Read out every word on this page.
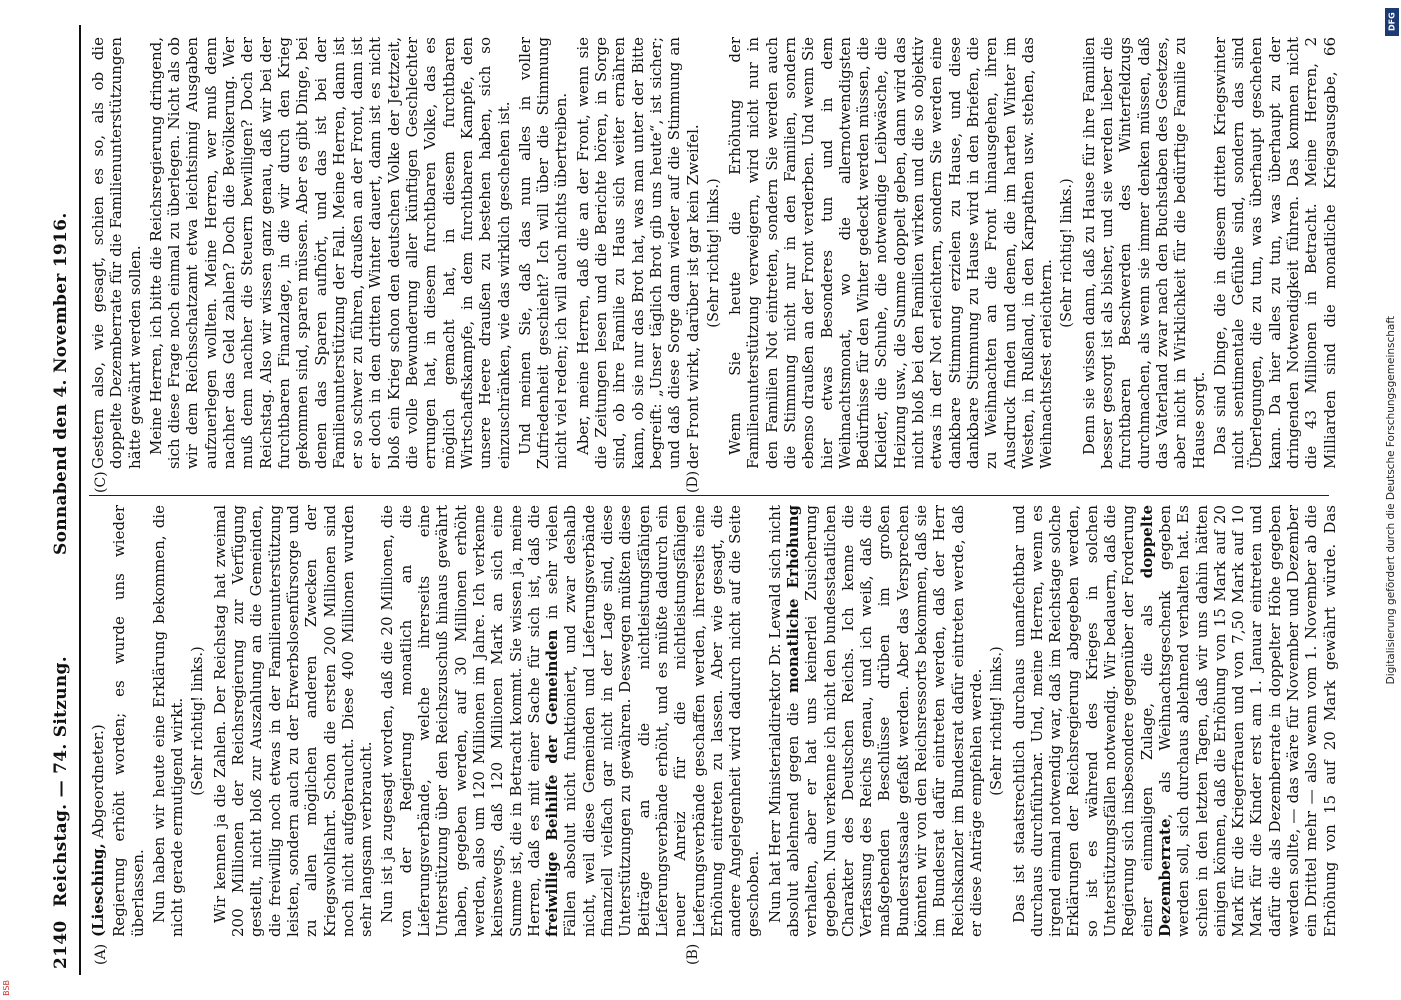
Digitalisierung gefördert durch die Deutsche Forschungsgemeinschaft
DFG
BSB
2140
Reichstag. — 74. Sitzung.
Sonnabend den 4. November 1916.
(A)	(B)
(C)	(D)

(Liesching, Abgeordneter.) Regierung erhöht worden; es wurde uns wieder überlassen. Nun haben wir heute eine Erklärung bekommen, die nicht gerade ermutigend wirkt. (Sehr richtig! links.) Wir kennen ja die Zahlen. Der Reichstag hat zweimal 200 Millionen der Reichsregierung zur Verfügung gestellt, nicht bloß zur Auszahlung an die Gemeinden, die freiwillig noch etwas in der Familienunterstützung leisten, sondern auch zu der Erwerbslosenfürsorge und zu allen möglichen anderen Zwecken der Kriegswohlfahrt. Schon die ersten 200 Millionen sind noch nicht aufgebraucht. Diese 400 Millionen wurden sehr langsam verbraucht. Nun ist ja zugesagt worden, daß die 20 Millionen, die von der Regierung monatlich an die Lieferungsverbände, welche ihrerseits eine Unterstützung über den Reichszuschuß hinaus gewährt haben, gegeben werden, auf 30 Millionen erhöht werden, also um 120 Millionen im Jahre. Ich verkenne keineswegs, daß 120 Millionen Mark an sich eine Summe ist, die in Betracht kommt. Sie wissen ja, meine Herren, daß es mit einer Sache für sich ist, daß die freiwillige Beihilfe der Gemeinden in sehr vielen Fällen absolut nicht funktioniert, und zwar deshalb nicht, weil diese Gemeinden und Lieferungsverbände finanziell vielfach gar nicht in der Lage sind, diese Unterstützungen zu gewähren. Deswegen müßten diese Beiträge an die nichtleistungsfähigen Lieferungsverbände erhöht, und es müßte dadurch ein neuer Anreiz für die nichtleistungsfähigen Lieferungsverbände geschaffen werden, ihrerseits eine Erhöhung eintreten zu lassen. Aber wie gesagt, die andere Angelegenheit wird dadurch nicht auf die Seite geschoben. Nun hat Herr Ministerialdirektor Dr. Lewald sich nicht absolut ablehnend gegen die monatliche Erhöhung verhalten, aber er hat uns keinerlei Zusicherung gegeben. Nun verkenne ich nicht den bundesstaatlichen Charakter des Deutschen Reichs. Ich kenne die Verfassung des Reichs genau, und ich weiß, daß die maßgebenden Beschlüsse drüben im großen Bundesratssaale gefaßt werden. Aber das Versprechen könnten wir von den Reichsressorts bekommen, daß sie im Bundesrat dafür eintreten werden, daß der Herr Reichskanzler im Bundesrat dafür eintreten werde, daß er diese Anträge empfehlen werde. (Sehr richtig! links.) Das ist staatsrechtlich durchaus unanfechtbar und durchaus durchführbar. Und, meine Herren, wenn es irgend einmal notwendig war, daß im Reichstage solche Erklärungen der Reichsregierung abgegeben werden, so ist es während des Krieges in solchen Unterstützungsfällen notwendig. Wir bedauern, daß die Regierung sich insbesondere gegenüber der Forderung einer einmaligen Zulage, die als doppelte Dezemberrate, als Weihnachtsgeschenk gegeben werden soll, sich durchaus ablehnend verhalten hat. Es schien in den letzten Tagen, daß wir uns dahin hätten einigen können, daß die Erhöhung von 15 Mark auf 20 Mark für die Kriegerfrauen und von 7,50 Mark auf 10 Mark für die Kinder erst am 1. Januar eintreten und dafür die als Dezemberrate in doppelter Höhe gegeben werden sollte, — das wäre für November und Dezember ein Drittel mehr — also wenn vom 1. November ab die Erhöhung von 15 auf 20 Mark gewährt würde. Das

Gestern also, wie gesagt, schien es so, als ob die doppelte Dezemberrate für die Familienunterstützungen hätte gewährt werden sollen. Meine Herren, ich bitte die Reichsregierung dringend, sich diese Frage noch einmal zu überlegen. Nicht als ob wir dem Reichsschatzamt etwa leichtsinnig Ausgaben aufzuerlegen wollten. Meine Herren, wer muß denn nachher das Geld zahlen? Doch die Bevölkerung. Wer muß denn nachher die Steuern bewilligen? Doch der Reichstag. Also wir wissen ganz genau, daß wir bei der furchtbaren Finanzlage, in die wir durch den Krieg gekommen sind, sparen müssen. Aber es gibt Dinge, bei denen das Sparen aufhört, und das ist bei der Familienunterstützung der Fall. Meine Herren, dann ist er so schwer zu führen, draußen an der Front, dann ist er doch in den dritten Winter dauert, dann ist es nicht bloß ein Krieg schon den deutschen Volke der Jetztzeit, die volle Bewunderung aller künftigen Geschlechter errungen hat, in diesem furchtbaren Volke, das es möglich gemacht hat, in diesem furchtbaren Wirtschaftskampfe, in dem furchtbaren Kampfe, den unsere Heere draußen zu bestehen haben, sich so einzuschränken, wie das wirklich geschehen ist. Und meinen Sie, daß das nun alles in voller Zufriedenheit geschieht? Ich will über die Stimmung nicht viel reden; ich will auch nichts übertreiben. Aber, meine Herren, daß die an der Front, wenn sie die Zeitungen lesen und die Berichte hören, in Sorge sind, ob ihre Familie zu Haus sich weiter ernähren kann, ob sie nur das Brot hat, was man unter der Bitte begreift: „Unser täglich Brot gib uns heute“, ist sicher; und daß diese Sorge dann wieder auf die Stimmung an der Front wirkt, darüber ist gar kein Zweifel. (Sehr richtig! links.) Wenn Sie heute die Erhöhung der Familienunterstützung verweigern, wird nicht nur in den Familien Not eintreten, sondern Sie werden auch die Stimmung nicht nur in den Familien, sondern ebenso draußen an der Front verderben. Und wenn Sie hier etwas Besonderes tun und in dem Weihnachtsmonat, wo die allernotwendigsten Bedürfnisse für den Winter gedeckt werden müssen, die Kleider, die Schuhe, die notwendige Leibwäsche, die Heizung usw., die Summe doppelt geben, dann wird das nicht bloß bei den Familien wirken und die so objektiv etwas in der Not erleichtern, sondern Sie werden eine dankbare Stimmung erzielen zu Hause, und diese dankbare Stimmung zu Hause wird in den Briefen, die zu Weihnachten an die Front hinausgehen, ihren Ausdruck finden und denen, die im harten Winter im Westen, in Rußland, in den Karpathen usw. stehen, das Weihnachtsfest erleichtern.

(Sehr richtig! links.) Denn sie wissen dann, daß zu Hause für ihre Familien besser gesorgt ist als bisher, und sie werden lieber die furchtbaren Beschwerden des Winterfeldzugs durchmachen, als wenn sie immer denken müssen, daß das Vaterland zwar nach den Buchstaben des Gesetzes, aber nicht in Wirklichkeit für die bedürftige Familie zu Hause sorgt. Das sind Dinge, die in diesem dritten Kriegswinter nicht sentimentale Gefühle sind, sondern das sind Überlegungen, die zu tun, was überhaupt geschehen kann. Da hier alles zu tun, was überhaupt zu der dringenden Notwendigkeit führen. Das kommen nicht die 43 Millionen in Betracht. Meine Herren, 2 Milliarden sind die monatliche Kriegsausgabe, 66
